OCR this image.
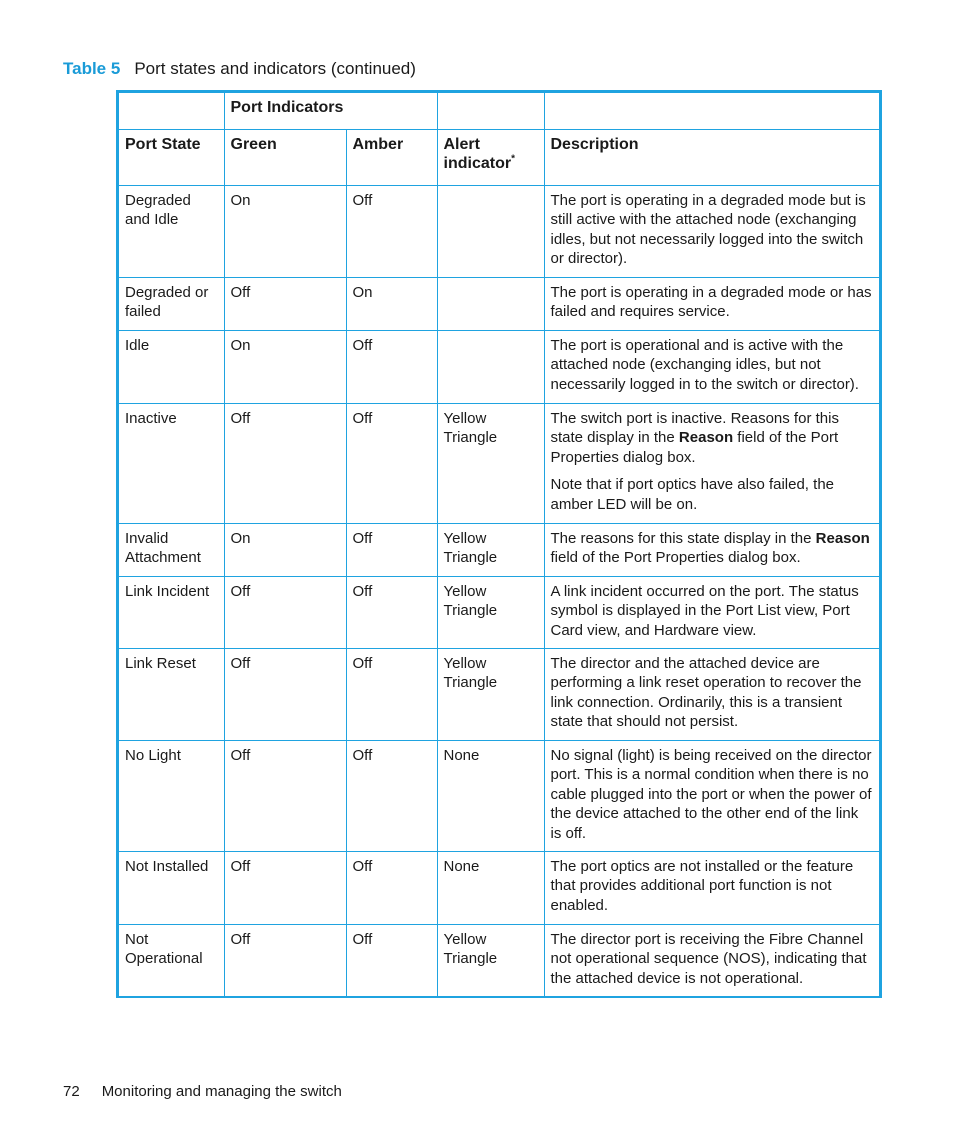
Table 5 Port states and indicators (continued)
	Port Indicators			
Port State	Green	Amber	Alert indicator*	Description
Degraded and Idle	On	Off		The port is operating in a degraded mode but is still active with the attached node (exchanging idles, but not necessarily logged into the switch or director).

Degraded or failed	Off	On		The port is operating in a degraded mode or has failed and requires service.

Idle	On	Off		The port is operational and is active with the attached node (exchanging idles, but not necessarily logged in to the switch or director).

Inactive	Off	Off	Yellow Triangle	The switch port is inactive. Reasons for this state display in the Reason field of the Port Properties dialog box.

Note that if port optics have also failed, the amber LED will be on.

Invalid Attachment	On	Off	Yellow Triangle	The reasons for this state display in the Reason field of the Port Properties dialog box.

Link Incident	Off	Off	Yellow Triangle	A link incident occurred on the port. The status symbol is displayed in the Port List view, Port Card view, and Hardware view.

Link Reset	Off	Off	Yellow Triangle	The director and the attached device are performing a link reset operation to recover the link connection. Ordinarily, this is a transient state that should not persist.

No Light	Off	Off	None	No signal (light) is being received on the director port. This is a normal condition when there is no cable plugged into the port or when the power of the device attached to the other end of the link is off.

Not Installed	Off	Off	None	The port optics are not installed or the feature that provides additional port function is not enabled.

Not Operational	Off	Off	Yellow Triangle	The director port is receiving the Fibre Channel not operational sequence (NOS), indicating that the attached device is not operational.

72 Monitoring and managing the switch
